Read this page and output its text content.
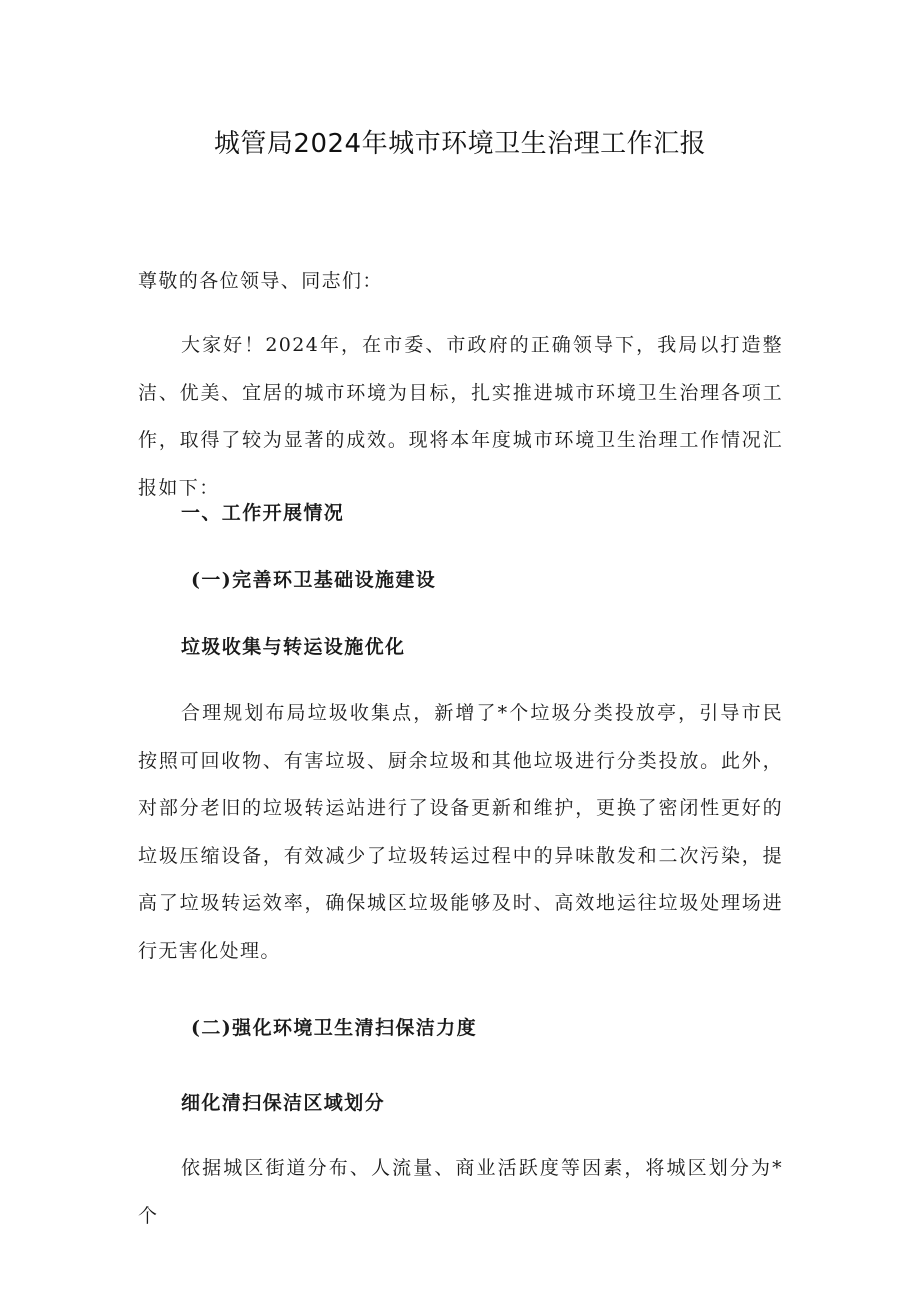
城管局2024年城市环境卫生治理工作汇报

尊敬的各位领导、同志们：

大家好！2024年，在市委、市政府的正确领导下，我局以打造整洁、优美、宜居的城市环境为目标，扎实推进城市环境卫生治理各项工作，取得了较为显著的成效。现将本年度城市环境卫生治理工作情况汇报如下：

一、工作开展情况

(一)完善环卫基础设施建设

垃圾收集与转运设施优化

合理规划布局垃圾收集点，新增了*个垃圾分类投放亭，引导市民按照可回收物、有害垃圾、厨余垃圾和其他垃圾进行分类投放。此外，对部分老旧的垃圾转运站进行了设备更新和维护，更换了密闭性更好的垃圾压缩设备，有效减少了垃圾转运过程中的异味散发和二次污染，提高了垃圾转运效率，确保城区垃圾能够及时、高效地运往垃圾处理场进行无害化处理。

(二)强化环境卫生清扫保洁力度

细化清扫保洁区域划分

依据城区街道分布、人流量、商业活跃度等因素，将城区划分为*个
